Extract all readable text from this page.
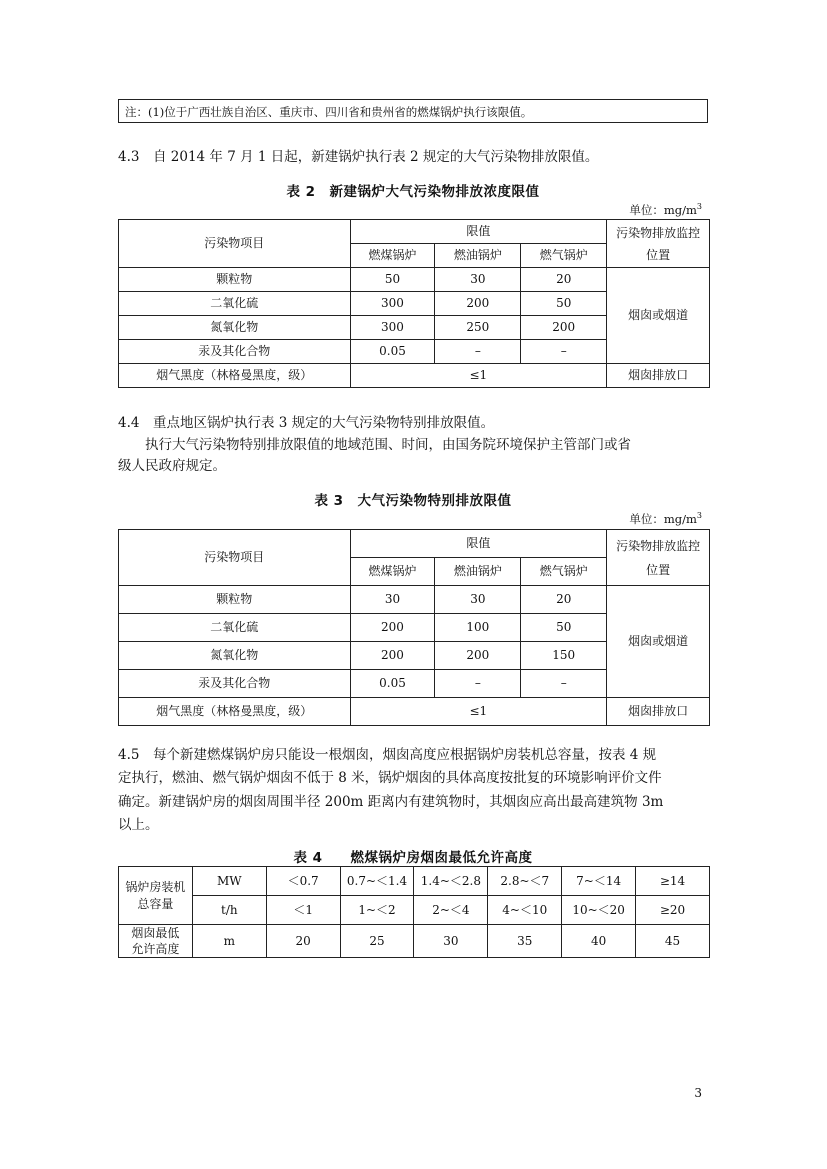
注：(1)位于广西壮族自治区、重庆市、四川省和贵州省的燃煤锅炉执行该限值。
4.3　自 2014 年 7 月 1 日起，新建锅炉执行表 2 规定的大气污染物排放限值。
表 2　新建锅炉大气污染物排放浓度限值
单位：$mg/m^3$
污染物项目	限值			污染物排放监控位置
	燃煤锅炉	燃油锅炉	燃气锅炉	
颗粒物	50	30	20	烟囱或烟道
二氧化硫	300	200	50	
氮氧化物	300	250	200	
汞及其化合物	0.05	–	–	
烟气黑度（林格曼黑度，级）	≤1			烟囱排放口
4.4　重点地区锅炉执行表 3 规定的大气污染物特别排放限值。
执行大气污染物特别排放限值的地域范围、时间，由国务院环境保护主管部门或省
级人民政府规定。
表 3　大气污染物特别排放限值
单位：$mg/m^3$
污染物项目	限值			污染物排放监控位置
	燃煤锅炉	燃油锅炉	燃气锅炉	
颗粒物	30	30	20	烟囱或烟道
二氧化硫	200	100	50	
氮氧化物	200	200	150	
汞及其化合物	0.05	–	–	
烟气黑度（林格曼黑度，级）	≤1			烟囱排放口
4.5　每个新建燃煤锅炉房只能设一根烟囱，烟囱高度应根据锅炉房装机总容量，按表 4 规
定执行，燃油、燃气锅炉烟囱不低于 8 米，锅炉烟囱的具体高度按批复的环境影响评价文件
确定。新建锅炉房的烟囱周围半径 200m 距离内有建筑物时，其烟囱应高出最高建筑物 3m
以上。
表 4　　燃煤锅炉房烟囱最低允许高度
锅炉房装机总容量	MW	＜0.7	0.7~＜1.4	1.4~＜2.8	2.8~＜7	7~＜14	≥14
	t/h	＜1	1~＜2	2~＜4	4~＜10	10~＜20	≥20
烟囱最低允许高度	m	20	25	30	35	40	45
3
